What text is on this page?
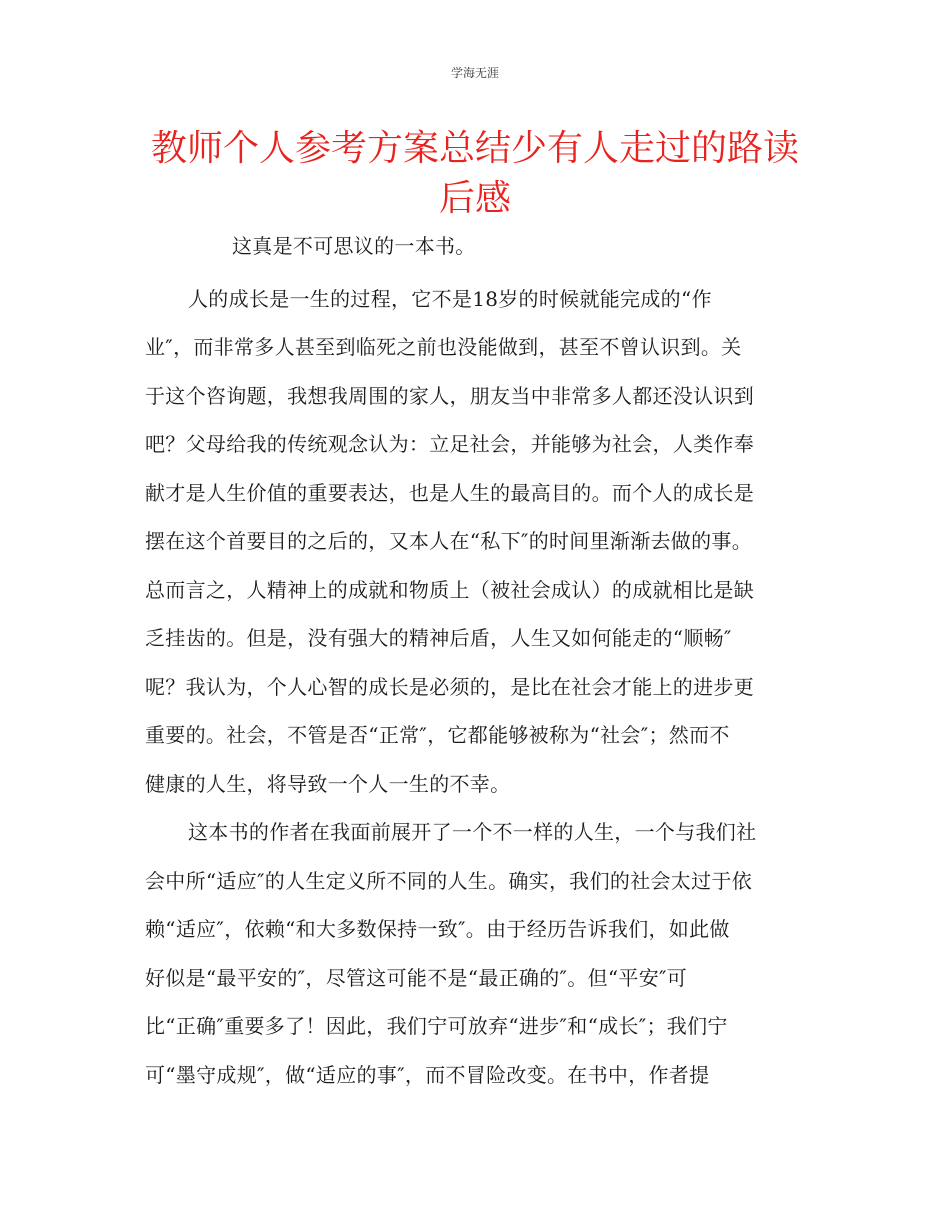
学海无涯
教师个人参考方案总结少有人走过的路读
后感
这真是不可思议的一本书。
人的成长是一生的过程，它不是18岁的时候就能完成的“作
业″，而非常多人甚至到临死之前也没能做到，甚至不曾认识到。关
于这个咨询题，我想我周围的家人，朋友当中非常多人都还没认识到
吧？父母给我的传统观念认为：立足社会，并能够为社会，人类作奉
献才是人生价值的重要表达，也是人生的最高目的。而个人的成长是
摆在这个首要目的之后的，又本人在“私下″的时间里渐渐去做的事。
总而言之，人精神上的成就和物质上（被社会成认）的成就相比是缺
乏挂齿的。但是，没有强大的精神后盾，人生又如何能走的“顺畅″
呢？我认为，个人心智的成长是必须的，是比在社会才能上的进步更
重要的。社会，不管是否“正常″，它都能够被称为“社会″；然而不
健康的人生，将导致一个人一生的不幸。
这本书的作者在我面前展开了一个不一样的人生，一个与我们社
会中所“适应″的人生定义所不同的人生。确实，我们的社会太过于依
赖“适应″，依赖“和大多数保持一致″。由于经历告诉我们，如此做
好似是“最平安的″，尽管这可能不是“最正确的″。但“平安″可
比“正确″重要多了！因此，我们宁可放弃“进步″和“成长″；我们宁
可“墨守成规″，做“适应的事″，而不冒险改变。在书中，作者提
